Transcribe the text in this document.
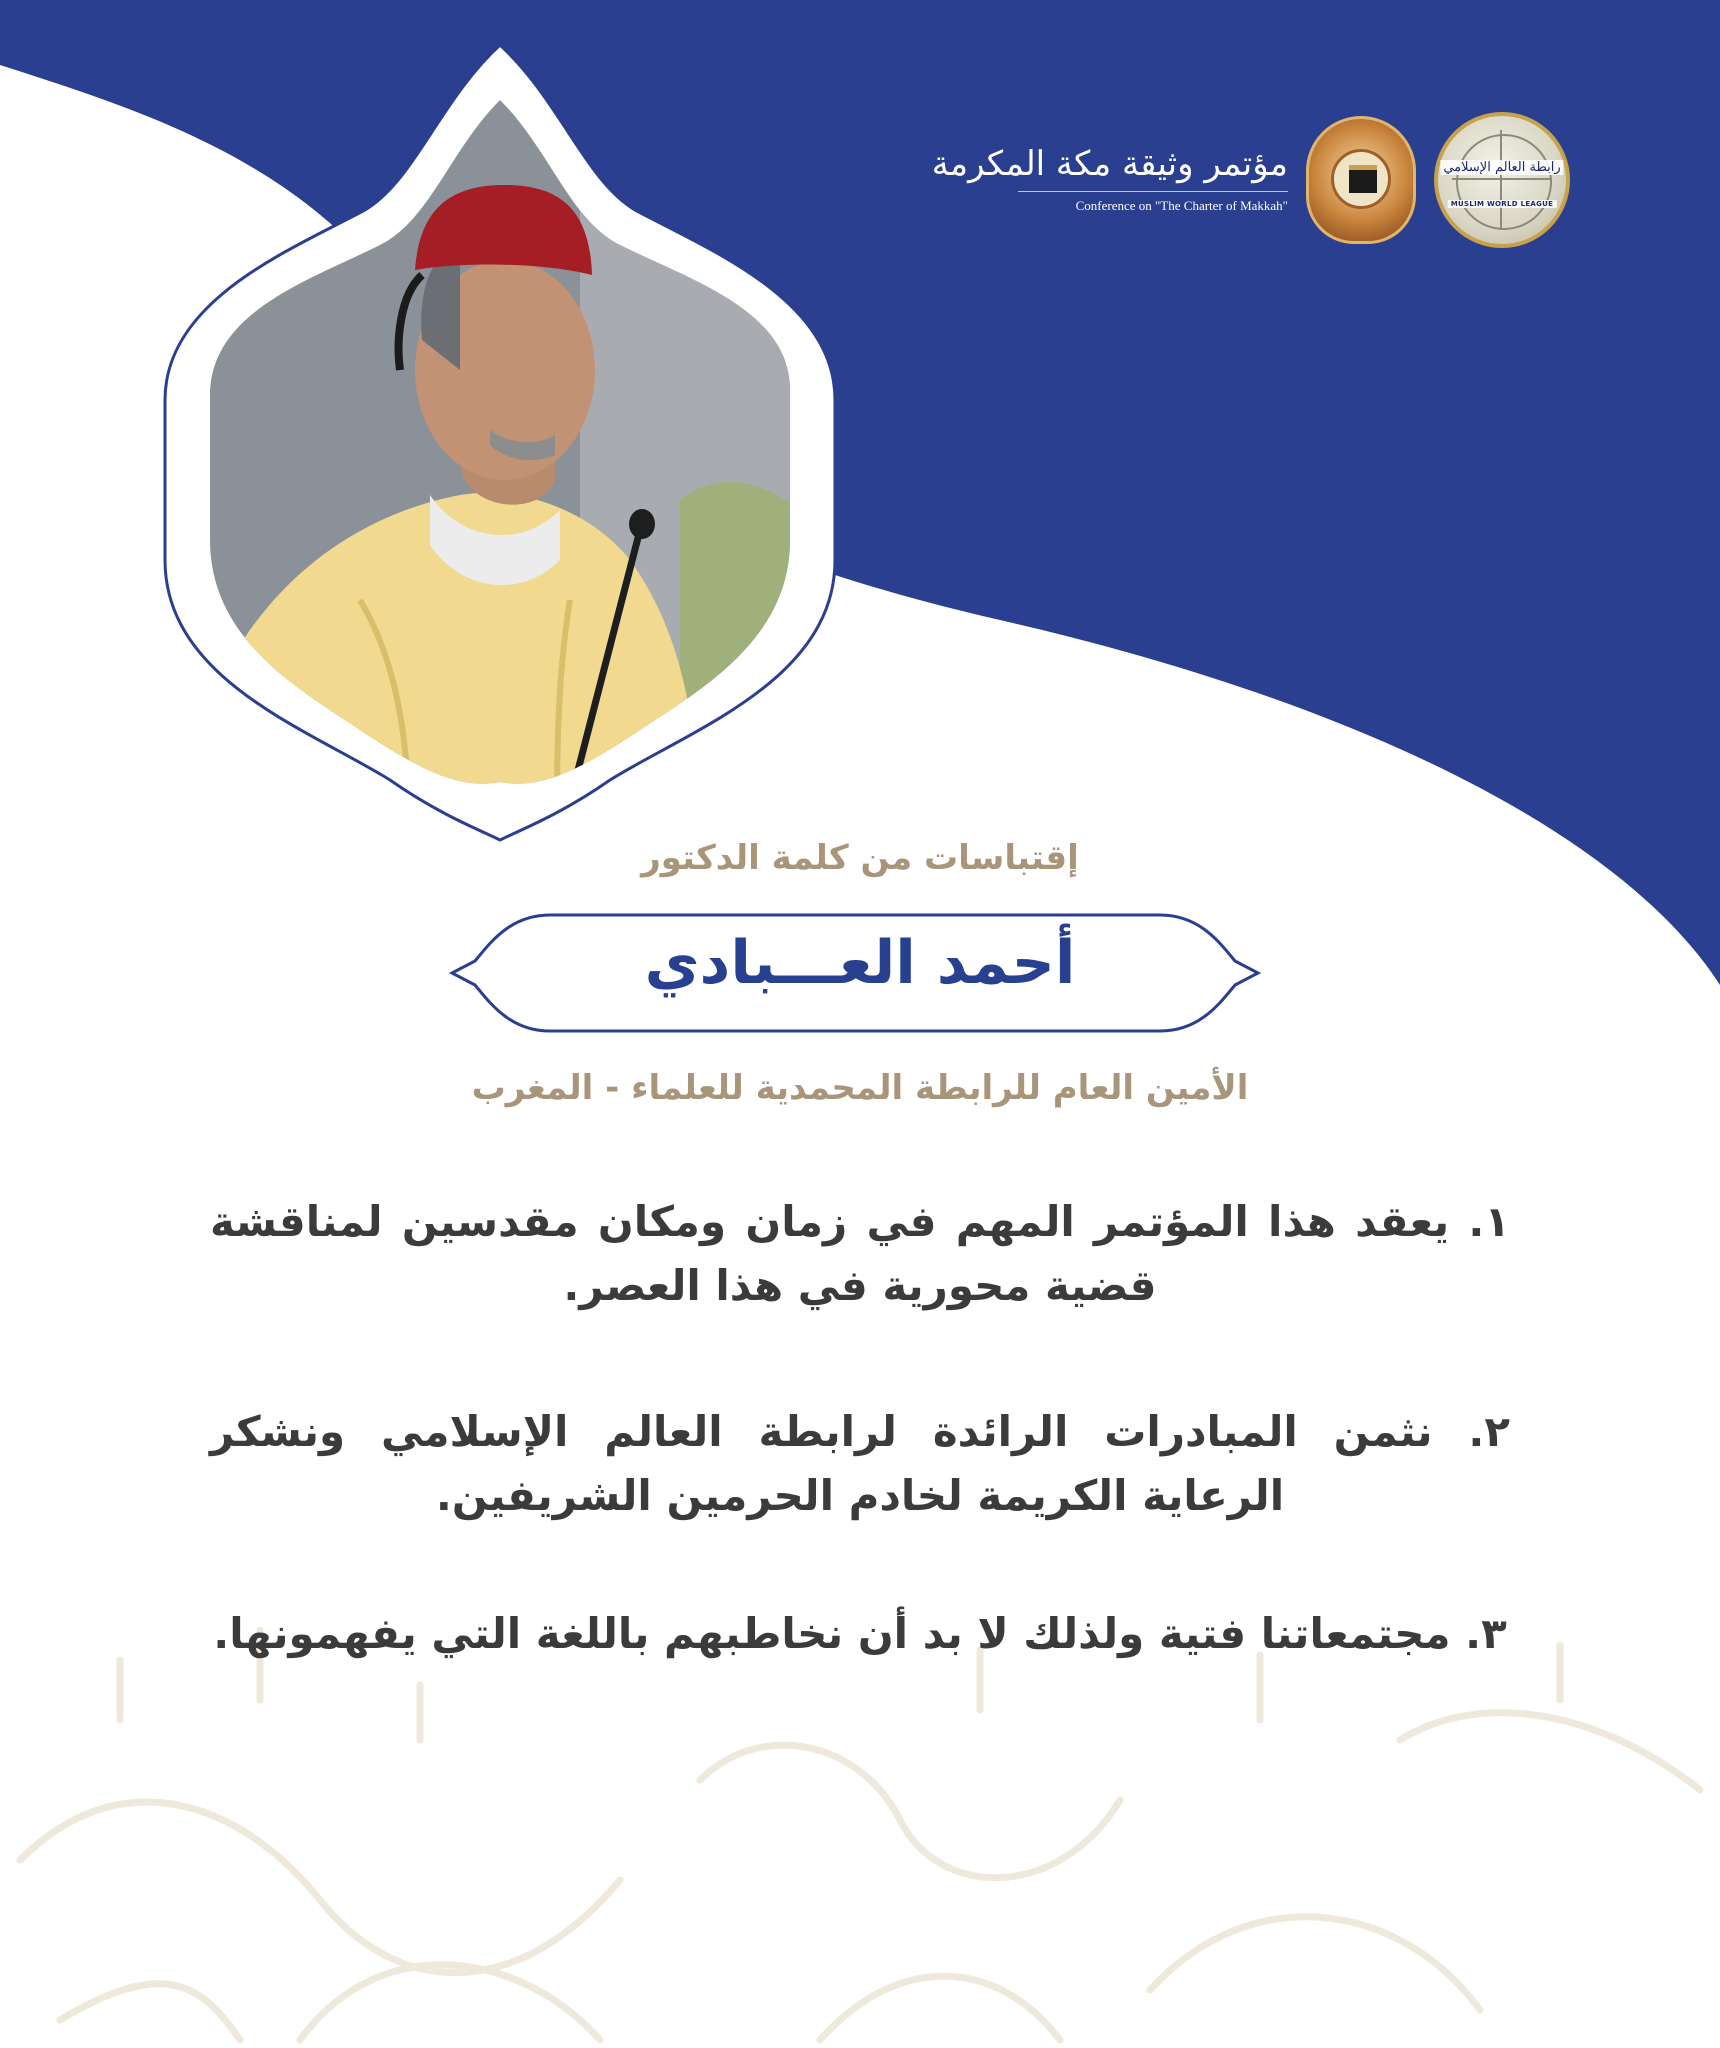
مؤتمر وثيقة مكة المكرمة
Conference on "The Charter of Makkah"
رابطة العالم الإسلامي
MUSLIM WORLD LEAGUE
إقتباسات من كلمة الدكتور
أحمد العـــبادي
الأمين العام للرابطة المحمدية للعلماء - المغرب
١. يعقد هذا المؤتمر المهم في زمان ومكان مقدسين لمناقشة قضية محورية في هذا العصر.
٢. نثمن المبادرات الرائدة لرابطة العالم الإسلامي ونشكر الرعاية الكريمة لخادم الحرمين الشريفين.
٣. مجتمعاتنا فتية ولذلك لا بد أن نخاطبهم باللغة التي يفهمونها.
